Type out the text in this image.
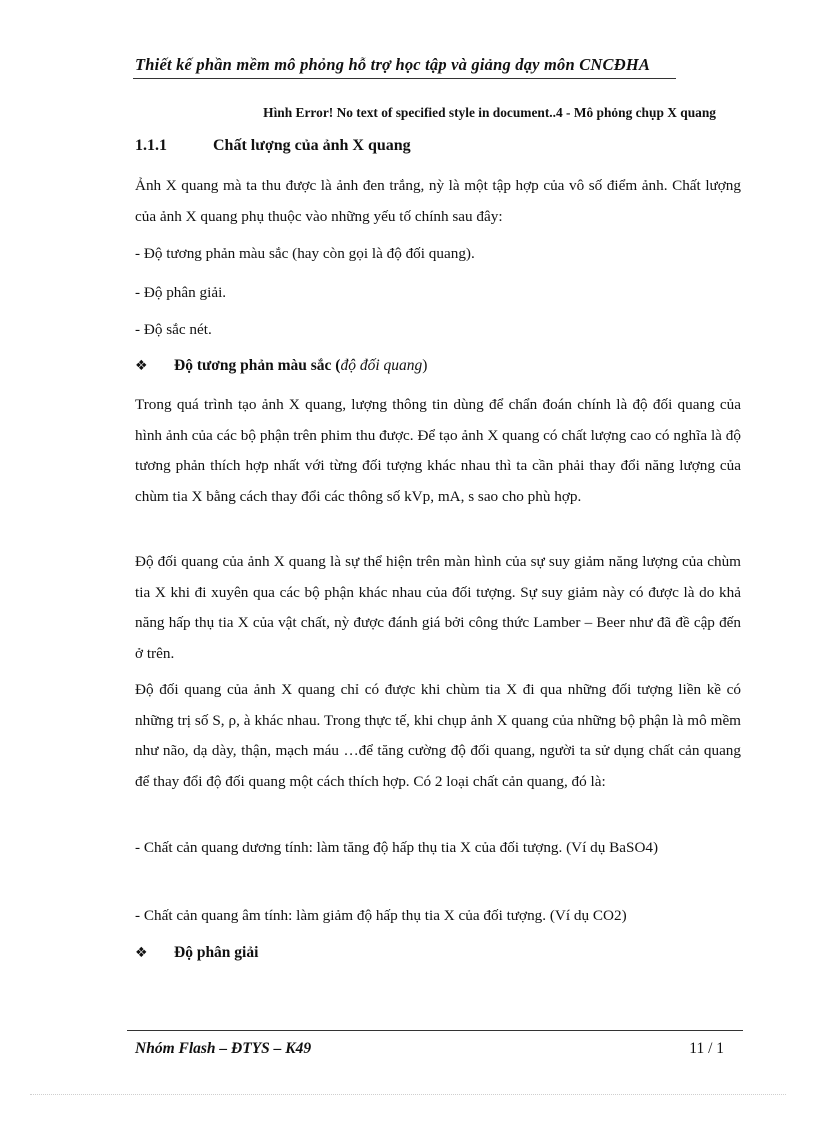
Thiết kế phần mềm mô phỏng hỗ trợ học tập và giảng dạy môn CNCĐHA
Hình Error! No text of specified style in document..4 - Mô phỏng chụp X quang
1.1.1	Chất lượng của ảnh X quang

Ảnh X quang mà ta thu được là ảnh đen trắng, nỳ là một tập hợp của vô số điểm ảnh. Chất lượng của ảnh X quang phụ thuộc vào những yếu tố chính sau đây:

- Độ tương phản màu sắc (hay còn gọi là độ đối quang).

- Độ phân giải.

- Độ sắc nét.

❖ Độ tương phản màu sắc (độ đối quang)

Trong quá trình tạo ảnh X quang, lượng thông tin dùng để chẩn đoán chính là độ đối quang của hình ảnh của các bộ phận trên phim thu được. Để tạo ảnh X quang có chất lượng cao có nghĩa là độ tương phản thích hợp nhất với từng đối tượng khác nhau thì ta cần phải thay đổi năng lượng của chùm tia X bằng cách thay đổi các thông số kVp, mA, s sao cho phù hợp.

Độ đối quang của ảnh X quang là sự thể hiện trên màn hình của sự suy giảm năng lượng của chùm tia X khi đi xuyên qua các bộ phận khác nhau của đối tượng. Sự suy giảm này có được là do khả năng hấp thụ tia X của vật chất, nỳ được đánh giá bởi công thức Lamber – Beer như đã đề cập đến ở trên.

Độ đối quang của ảnh X quang chỉ có được khi chùm tia X đi qua những đối tượng liền kề có những trị số S, ρ, à khác nhau. Trong thực tế, khi chụp ảnh X quang của những bộ phận là mô mềm như não, dạ dày, thận, mạch máu …để tăng cường độ đối quang, người ta sử dụng chất cản quang để thay đổi độ đối quang một cách thích hợp. Có 2 loại chất cản quang, đó là:

- Chất cản quang dương tính: làm tăng độ hấp thụ tia X của đối tượng. (Ví dụ BaSO4)

- Chất cản quang âm tính: làm giảm độ hấp thụ tia X của đối tượng. (Ví dụ CO2)

❖ Độ phân giải
Nhóm Flash – ĐTYS – K49	11 / 1
